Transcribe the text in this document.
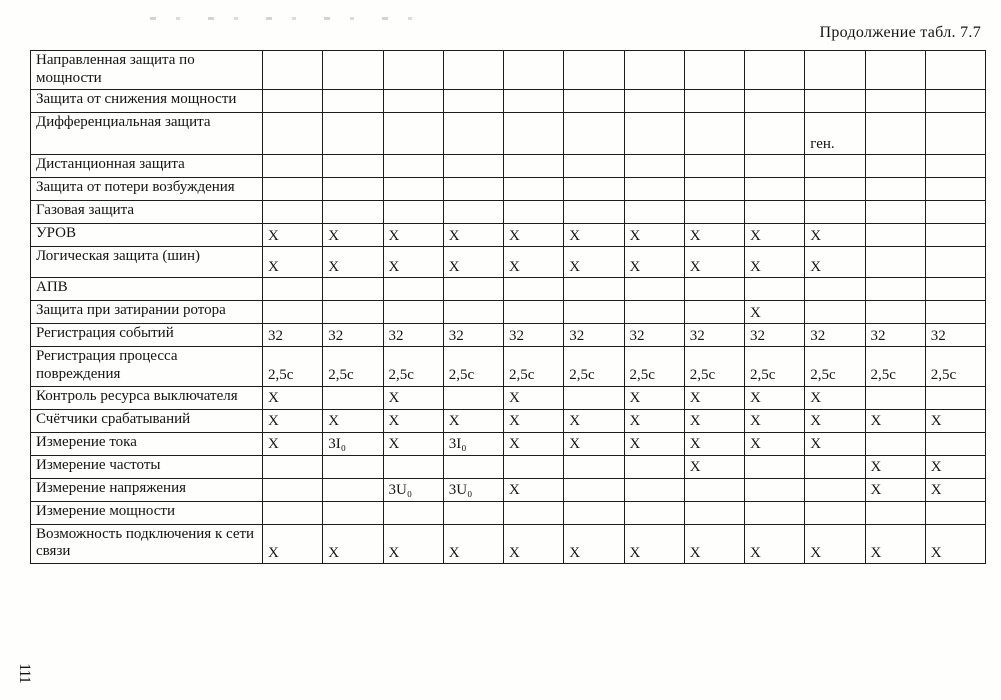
Продолжение табл. 7.7
Направленная защита по мощности												
Защита от снижения мощности												
Дифференциальная защита										ген.		
Дистанционная защита												
Защита от потери возбуждения												
Газовая защита												
УРОВ	Х	Х	Х	Х	Х	Х	Х	Х	Х	Х		
Логическая защита (шин)	Х	Х	Х	Х	Х	Х	Х	Х	Х	Х		
АПВ												
Защита при затирании ротора									Х			
Регистрация событий	32	32	32	32	32	32	32	32	32	32	32	32
Регистрация процесса повреждения	2,5с	2,5с	2,5с	2,5с	2,5с	2,5с	2,5с	2,5с	2,5с	2,5с	2,5с	2,5с
Контроль ресурса выключателя	Х		Х		Х		Х	Х	Х	Х		
Счётчики срабатываний	Х	Х	Х	Х	Х	Х	Х	Х	Х	Х	Х	Х
Измерение тока	Х	3I₀	Х	3I₀	Х	Х	Х	Х	Х	Х		
Измерение частоты								Х			Х	Х
Измерение напряжения			3U₀	3U₀	Х						Х	Х
Измерение мощности												
Возможность подключения к сети связи	Х	Х	Х	Х	Х	Х	Х	Х	Х	Х	Х	Х
111
